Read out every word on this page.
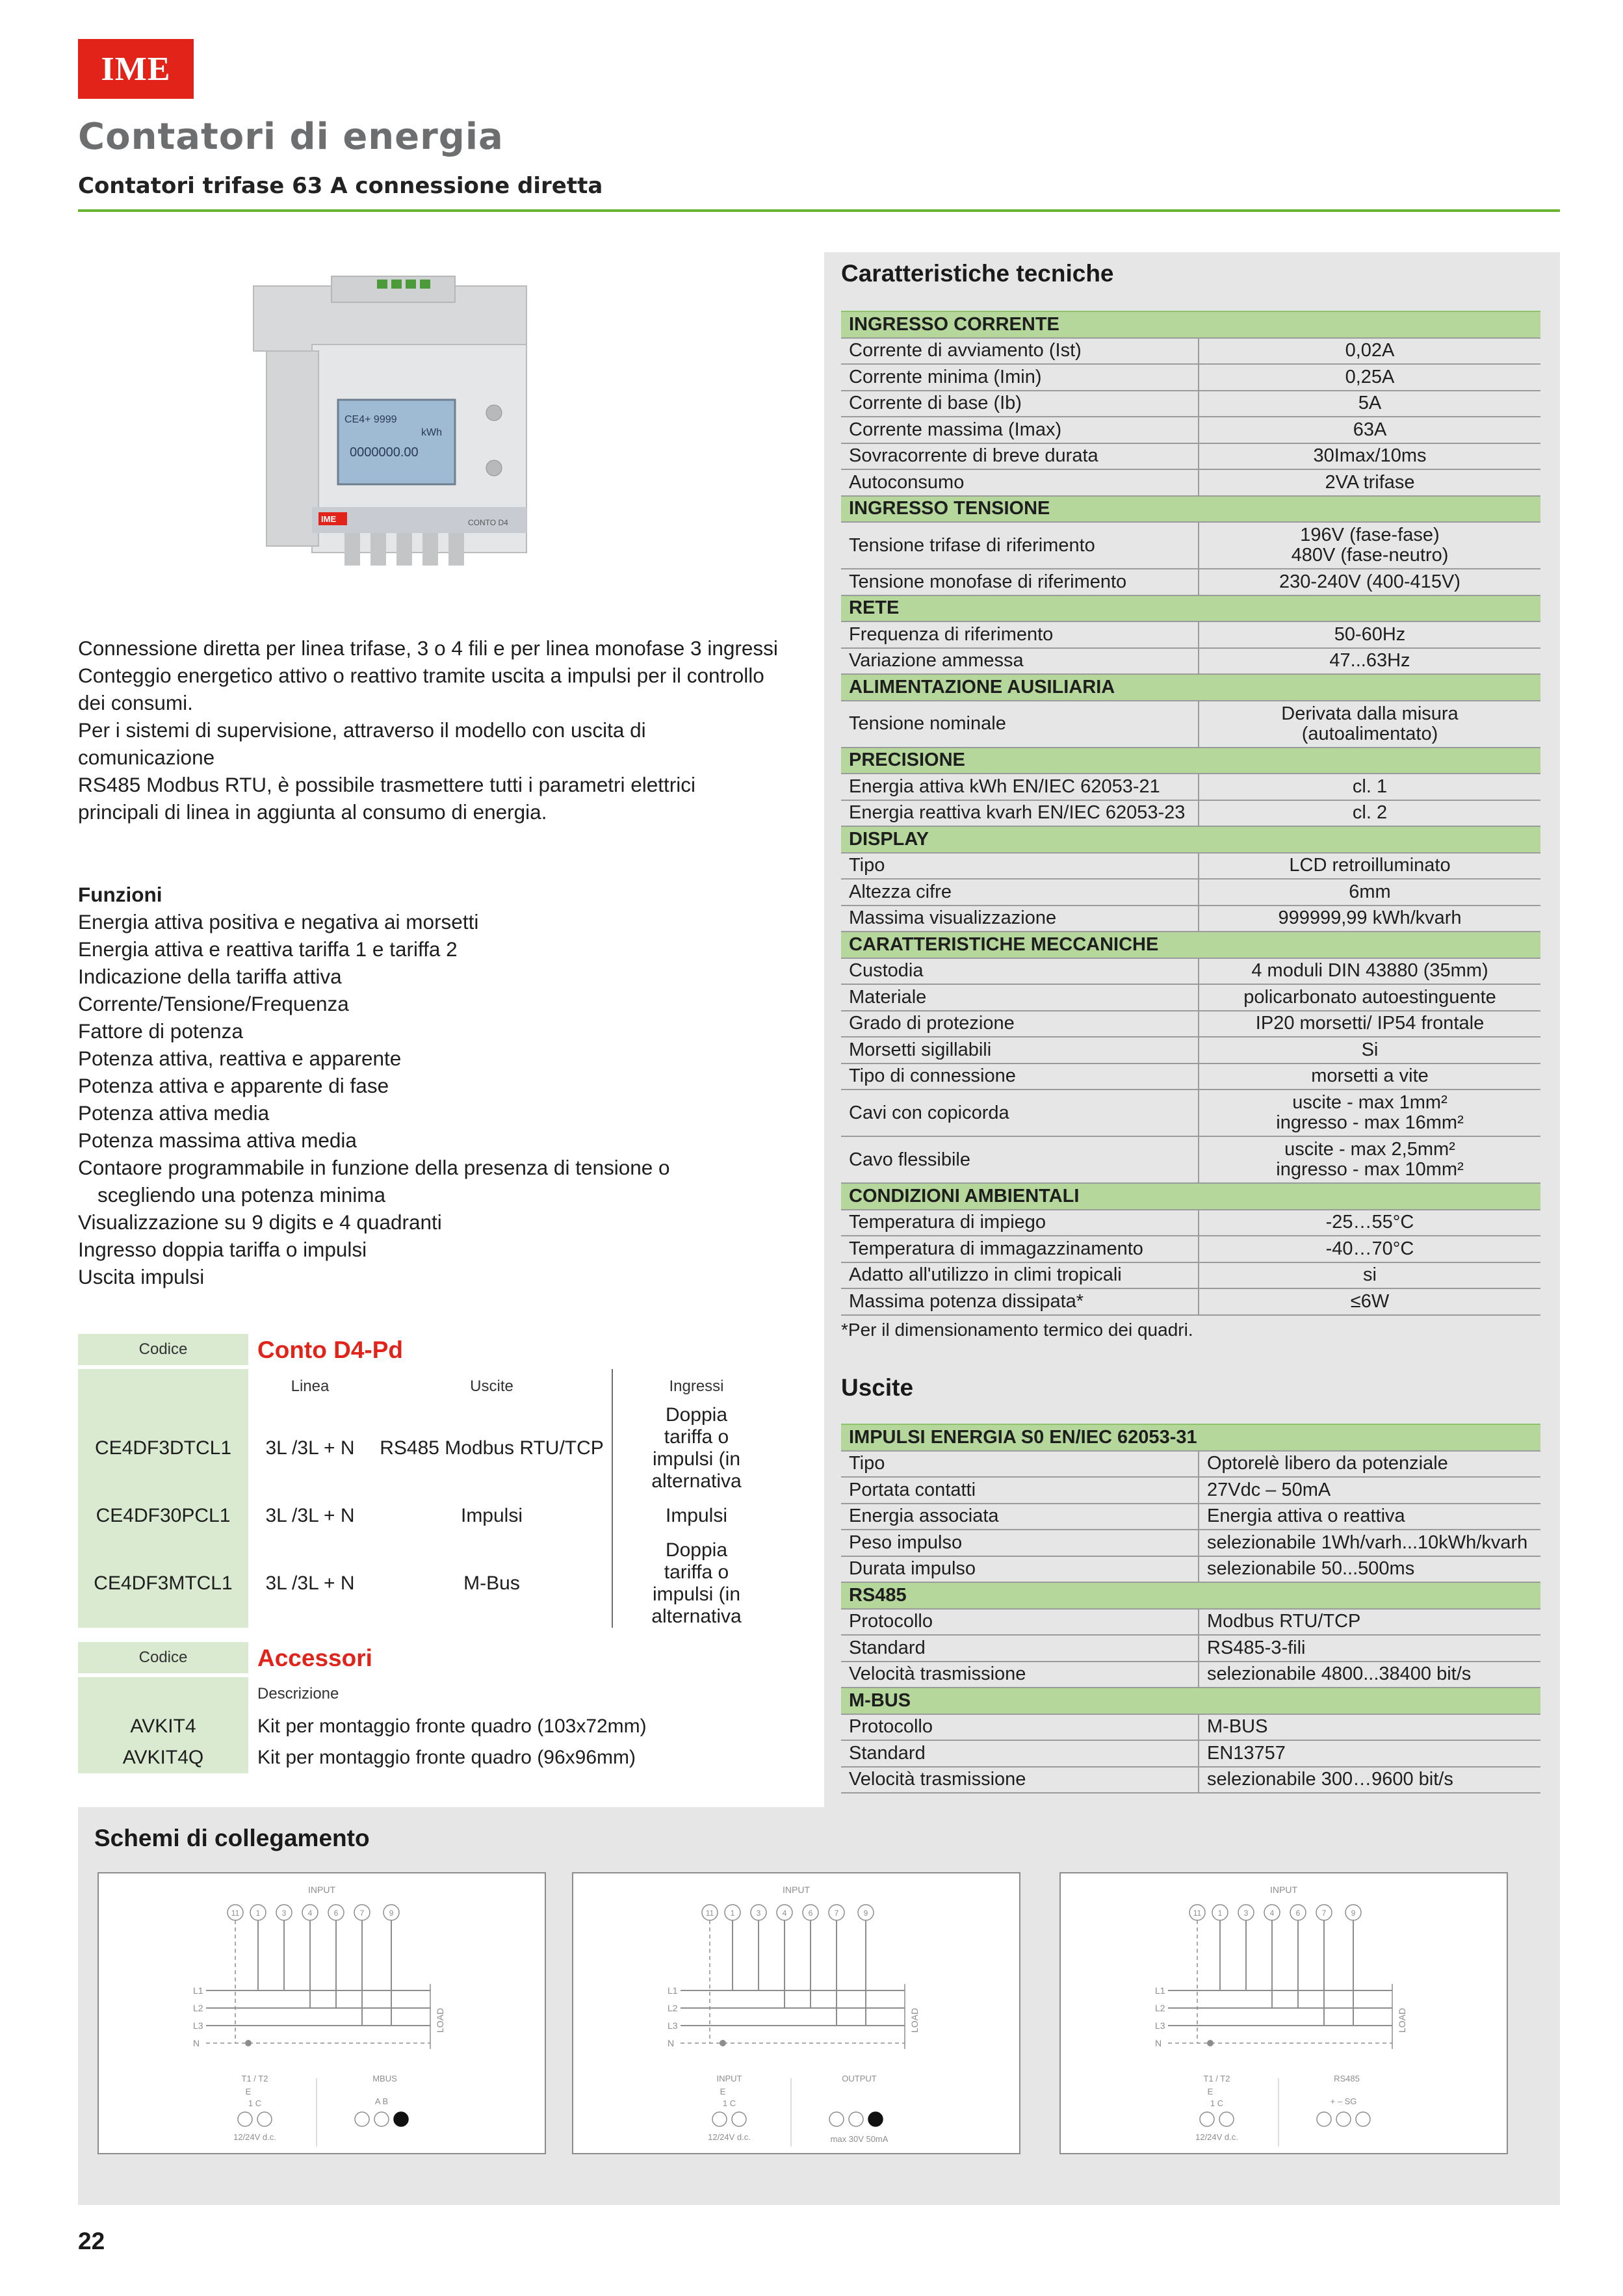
IME
Contatori di energia
Contatori trifase 63 A connessione diretta
CE4+ 9999
kWh
0000000.00
IME	CONTO D4

Connessione diretta per linea trifase, 3 o 4 fili e per linea monofase 3 ingressi

Conteggio energetico attivo o reattivo tramite uscita a impulsi per il controllo dei consumi.

Per i sistemi di supervisione, attraverso il modello con uscita di comunicazione

RS485 Modbus RTU, è possibile trasmettere tutti i parametri elettrici principali di linea in aggiunta al consumo di energia.

Funzioni
Energia attiva positiva e negativa ai morsetti
Energia attiva e reattiva tariffa 1 e tariffa 2
Indicazione della tariffa attiva
Corrente/Tensione/Frequenza
Fattore di potenza
Potenza attiva, reattiva e apparente
Potenza attiva e apparente di fase
Potenza attiva media
Potenza massima attiva media
Contaore programmabile in funzione della presenza di tensione o
scegliendo una potenza minima
Visualizzazione su 9 digits e 4 quadranti
Ingresso doppia tariffa o impulsi
Uscita impulsi
Codice	Conto D4-Pd
	Linea	Uscite	Ingressi
CE4DF3DTCL1	3L /3L + N	RS485 Modbus RTU/TCP	Doppia tariffa o impulsi (in alternativa
CE4DF30PCL1	3L /3L + N	Impulsi	Impulsi
CE4DF3MTCL1	3L /3L + N	M-Bus	Doppia tariffa o impulsi (in alternativa
Codice	Accessori
	Descrizione
AVKIT4	Kit per montaggio fronte quadro (103x72mm)
AVKIT4Q	Kit per montaggio fronte quadro (96x96mm)
Caratteristiche tecniche
INGRESSO CORRENTE	
Corrente di avviamento (Ist)	0,02A

Corrente minima (Imin)	0,25A

Corrente di base (Ib)	5A

Corrente massima (Imax)	63A

Sovracorrente di breve durata	30Imax/10ms

Autoconsumo	2VA trifase

INGRESSO TENSIONE	
Tensione trifase di riferimento	196V (fase-fase)
480V (fase-neutro)

Tensione monofase di riferimento	230-240V (400-415V)

RETE	
Frequenza di riferimento	50-60Hz

Variazione ammessa	47...63Hz

ALIMENTAZIONE AUSILIARIA	
Tensione nominale	Derivata dalla misura
(autoalimentato)

PRECISIONE	
Energia attiva kWh EN/IEC 62053-21	cl. 1

Energia reattiva kvarh EN/IEC 62053-23	cl. 2

DISPLAY	
Tipo	LCD retroilluminato

Altezza cifre	6mm

Massima visualizzazione	999999,99 kWh/kvarh

CARATTERISTICHE MECCANICHE	
Custodia	4 moduli DIN 43880 (35mm)

Materiale	policarbonato autoestinguente

Grado di protezione	IP20 morsetti/ IP54 frontale

Morsetti sigillabili	Si

Tipo di connessione	morsetti a vite

Cavi con copicorda	uscite - max 1mm²
ingresso - max 16mm²

Cavo flessibile	uscite - max 2,5mm²
ingresso - max 10mm²

CONDIZIONI AMBIENTALI	
Temperatura di impiego	-25…55°C

Temperatura di immagazzinamento	-40…70°C

Adatto all'utilizzo in climi tropicali	si

Massima potenza dissipata*	≤6W
*Per il dimensionamento termico dei quadri.
Uscite
IMPULSI ENERGIA S0 EN/IEC 62053-31	
Tipo	Optorelè libero da potenziale

Portata contatti	27Vdc – 50mA

Energia associata	Energia attiva o reattiva

Peso impulso	selezionabile 1Wh/varh...10kWh/kvarh

Durata impulso	selezionabile 50...500ms

RS485	
Protocollo	Modbus RTU/TCP

Standard	RS485-3-fili

Velocità trasmissione	selezionabile 4800...38400 bit/s

M-BUS	
Protocollo	M-BUS

Standard	EN13757

Velocità trasmissione	selezionabile 300…9600 bit/s
Schemi di collegamento
INPUT
11 1	3	4	6	7	9
L1
L2
L3
N
LOAD
T1 / T2
E
1 C
12/24V d.c.
MBUS
A B
INPUT
11 1	3	4	6	7	9
L1
L2
L3
N
LOAD
INPUT
E
1 C
12/24V d.c.
OUTPUT
max 30V 50mA
INPUT
11 1	3	4	6	7	9
L1
L2
L3
N
LOAD
T1 / T2
E
1 C
12/24V d.c.
RS485
+ – SG
22
